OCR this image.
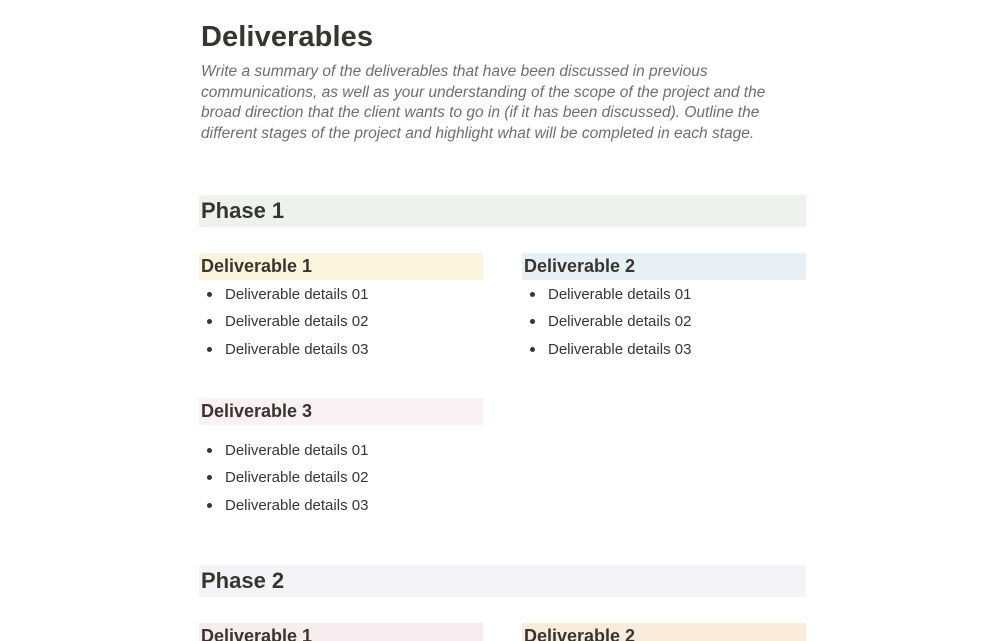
Deliverables

Write a summary of the deliverables that have been discussed in previous communications, as well as your understanding of the scope of the project and the broad direction that the client wants to go in (if it has been discussed). Outline the different stages of the project and highlight what will be completed in each stage.

Phase 1
Deliverable 1
Deliverable details 01
Deliverable details 02
Deliverable details 03
Deliverable 2
Deliverable details 01
Deliverable details 02
Deliverable details 03
Deliverable 3
Deliverable details 01
Deliverable details 02
Deliverable details 03
Phase 2
Deliverable 1	Deliverable 2
